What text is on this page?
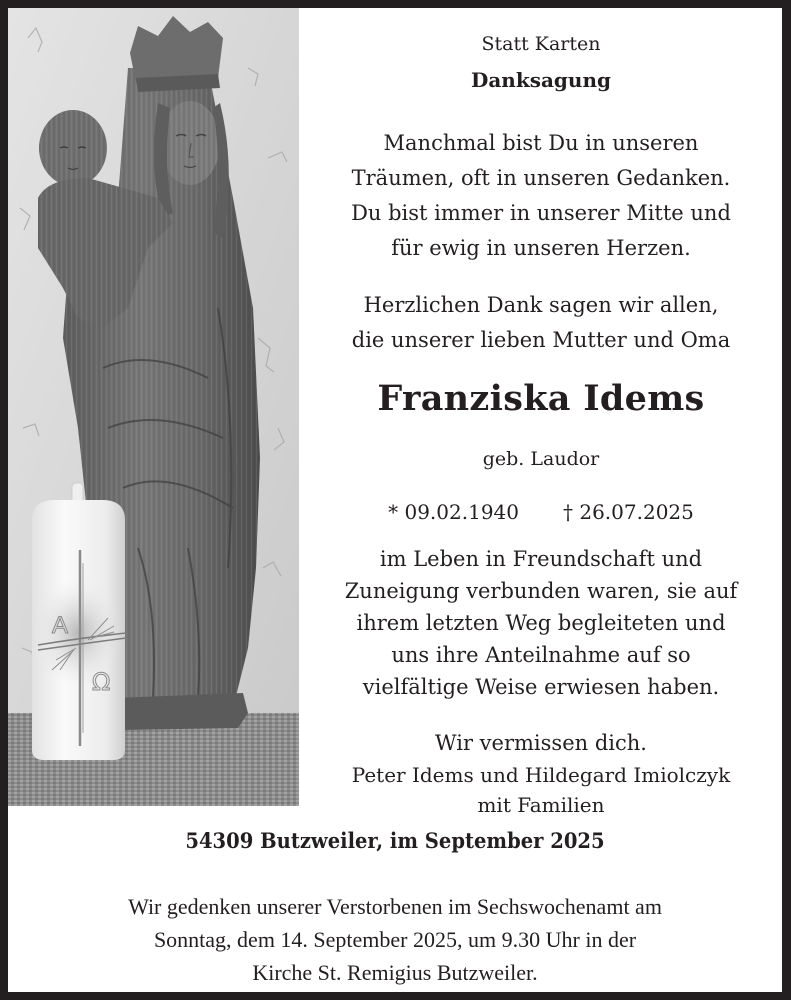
A
Ω
Statt Karten
Danksagung
Manchmal bist Du in unseren
Träumen, oft in unseren Gedanken.
Du bist immer in unserer Mitte und
für ewig in unseren Herzen.
Herzlichen Dank sagen wir allen,
die unserer lieben Mutter und Oma
Franziska Idems
geb. Laudor
* 09.02.1940 † 26.07.2025
im Leben in Freundschaft und
Zuneigung verbunden waren, sie auf
ihrem letzten Weg begleiteten und
uns ihre Anteilnahme auf so
vielfältige Weise erwiesen haben.
Wir vermissen dich.
Peter Idems und Hildegard Imiolczyk
mit Familien
54309 Butzweiler, im September 2025
Wir gedenken unserer Verstorbenen im Sechswochenamt am
Sonntag, dem 14. September 2025, um 9.30 Uhr in der
Kirche St. Remigius Butzweiler.
